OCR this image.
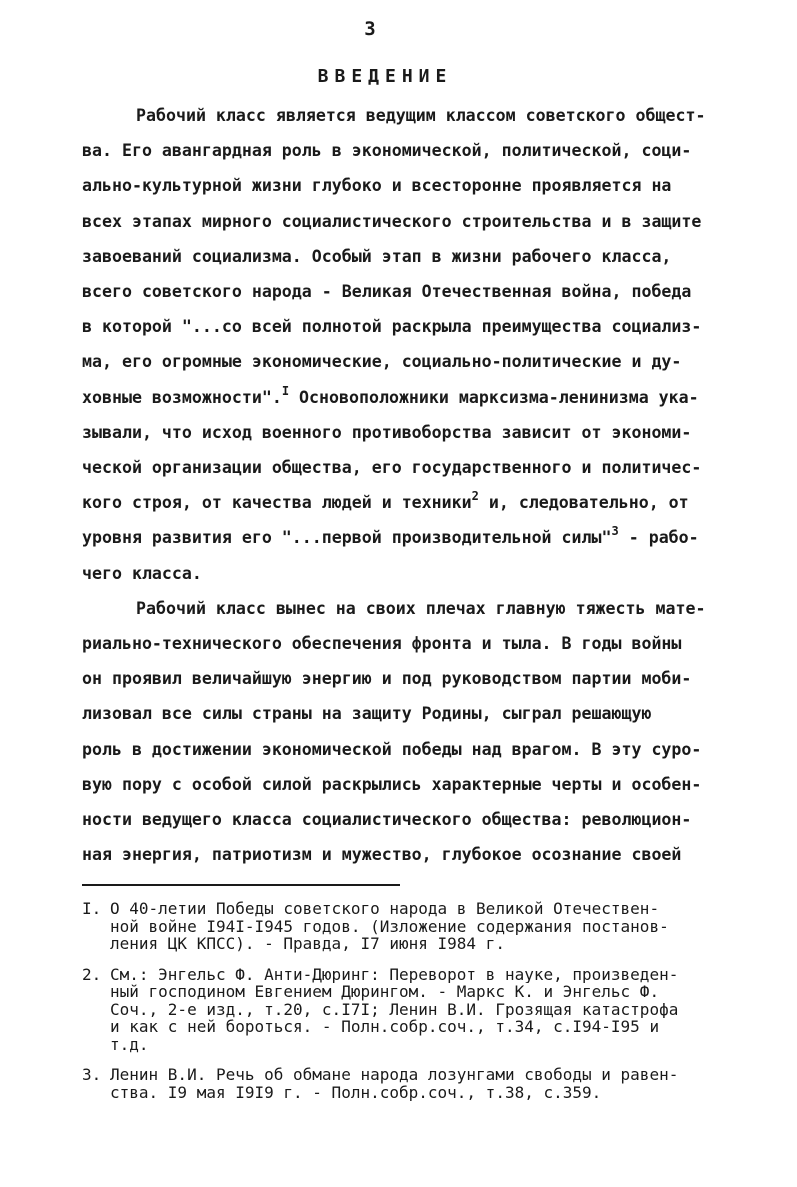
3
ВВЕДЕНИЕ
Рабочий класс является ведущим классом советского общест-
ва. Его авангардная роль в экономической, политической, соци-
ально-культурной жизни глубоко и всесторонне проявляется на
всех этапах мирного социалистического строительства и в защите
завоеваний социализма. Особый этап в жизни рабочего класса,
всего советского народа - Великая Отечественная война, победа
в которой "...со всей полнотой раскрыла преимущества социализ-
ма, его огромные экономические, социально-политические и ду-
ховные возможности".$^I$ Основоположники марксизма-ленинизма ука-
зывали, что исход военного противоборства зависит от экономи-
ческой организации общества, его государственного и политичес-
кого строя, от качества людей и техники$^2$ и, следовательно, от
уровня развития его "...первой производительной силы"$^3$ - рабо-
чего класса.
Рабочий класс вынес на своих плечах главную тяжесть мате-
риально-технического обеспечения фронта и тыла. В годы войны
он проявил величайшую энергию и под руководством партии моби-
лизовал все силы страны на защиту Родины, сыграл решающую
роль в достижении экономической победы над врагом. В эту суро-
вую пору с особой силой раскрылись характерные черты и особен-
ности ведущего класса социалистического общества: революцион-
ная энергия, патриотизм и мужество, глубокое осознание своей
I. О 40-летии Победы советского народа в Великой Отечествен-
ной войне I94I-I945 годов. (Изложение содержания постанов-
ления ЦК КПСС). - Правда, I7 июня I984 г.
2. См.: Энгельс Ф. Анти-Дюринг: Переворот в науке, произведен-
ный господином Евгением Дюрингом. - Маркс К. и Энгельс Ф.
Соч., 2-е изд., т.20, с.I7I; Ленин В.И. Грозящая катастрофа
и как с ней бороться. - Полн.собр.соч., т.34, с.I94-I95 и
т.д.
3. Ленин В.И. Речь об обмане народа лозунгами свободы и равен-
ства. I9 мая I9I9 г. - Полн.собр.соч., т.38, с.359.
